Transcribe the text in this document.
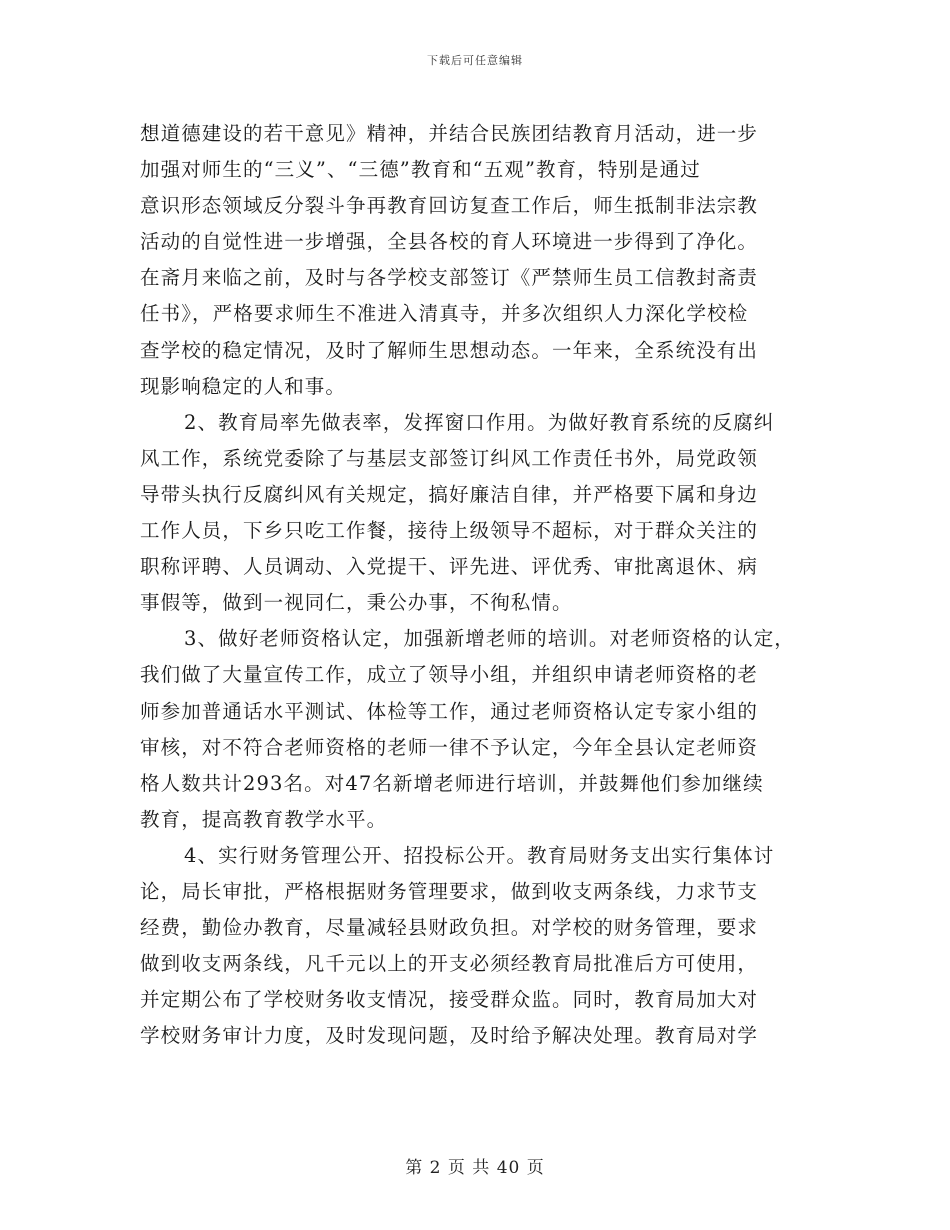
下载后可任意编辑
想道德建设的若干意见》精神，并结合民族团结教育月活动，进一步
加强对师生的“三义”、“三德”教育和“五观”教育，特别是通过
意识形态领域反分裂斗争再教育回访复查工作后，师生抵制非法宗教
活动的自觉性进一步增强，全县各校的育人环境进一步得到了净化。
在斋月来临之前，及时与各学校支部签订《严禁师生员工信教封斋责
任书》，严格要求师生不准进入清真寺，并多次组织人力深化学校检
查学校的稳定情况，及时了解师生思想动态。一年来，全系统没有出
现影响稳定的人和事。
2、教育局率先做表率，发挥窗口作用。为做好教育系统的反腐纠
风工作，系统党委除了与基层支部签订纠风工作责任书外，局党政领
导带头执行反腐纠风有关规定，搞好廉洁自律，并严格要下属和身边
工作人员，下乡只吃工作餐，接待上级领导不超标，对于群众关注的
职称评聘、人员调动、入党提干、评先进、评优秀、审批离退休、病
事假等，做到一视同仁，秉公办事，不徇私情。
3、做好老师资格认定，加强新增老师的培训。对老师资格的认定，
我们做了大量宣传工作，成立了领导小组，并组织申请老师资格的老
师参加普通话水平测试、体检等工作，通过老师资格认定专家小组的
审核，对不符合老师资格的老师一律不予认定，今年全县认定老师资
格人数共计293名。对47名新增老师进行培训，并鼓舞他们参加继续
教育，提高教育教学水平。
4、实行财务管理公开、招投标公开。教育局财务支出实行集体讨
论，局长审批，严格根据财务管理要求，做到收支两条线，力求节支
经费，勤俭办教育，尽量减轻县财政负担。对学校的财务管理，要求
做到收支两条线，凡千元以上的开支必须经教育局批准后方可使用，
并定期公布了学校财务收支情况，接受群众监。同时，教育局加大对
学校财务审计力度，及时发现问题，及时给予解决处理。教育局对学
第 2 页 共 40 页
